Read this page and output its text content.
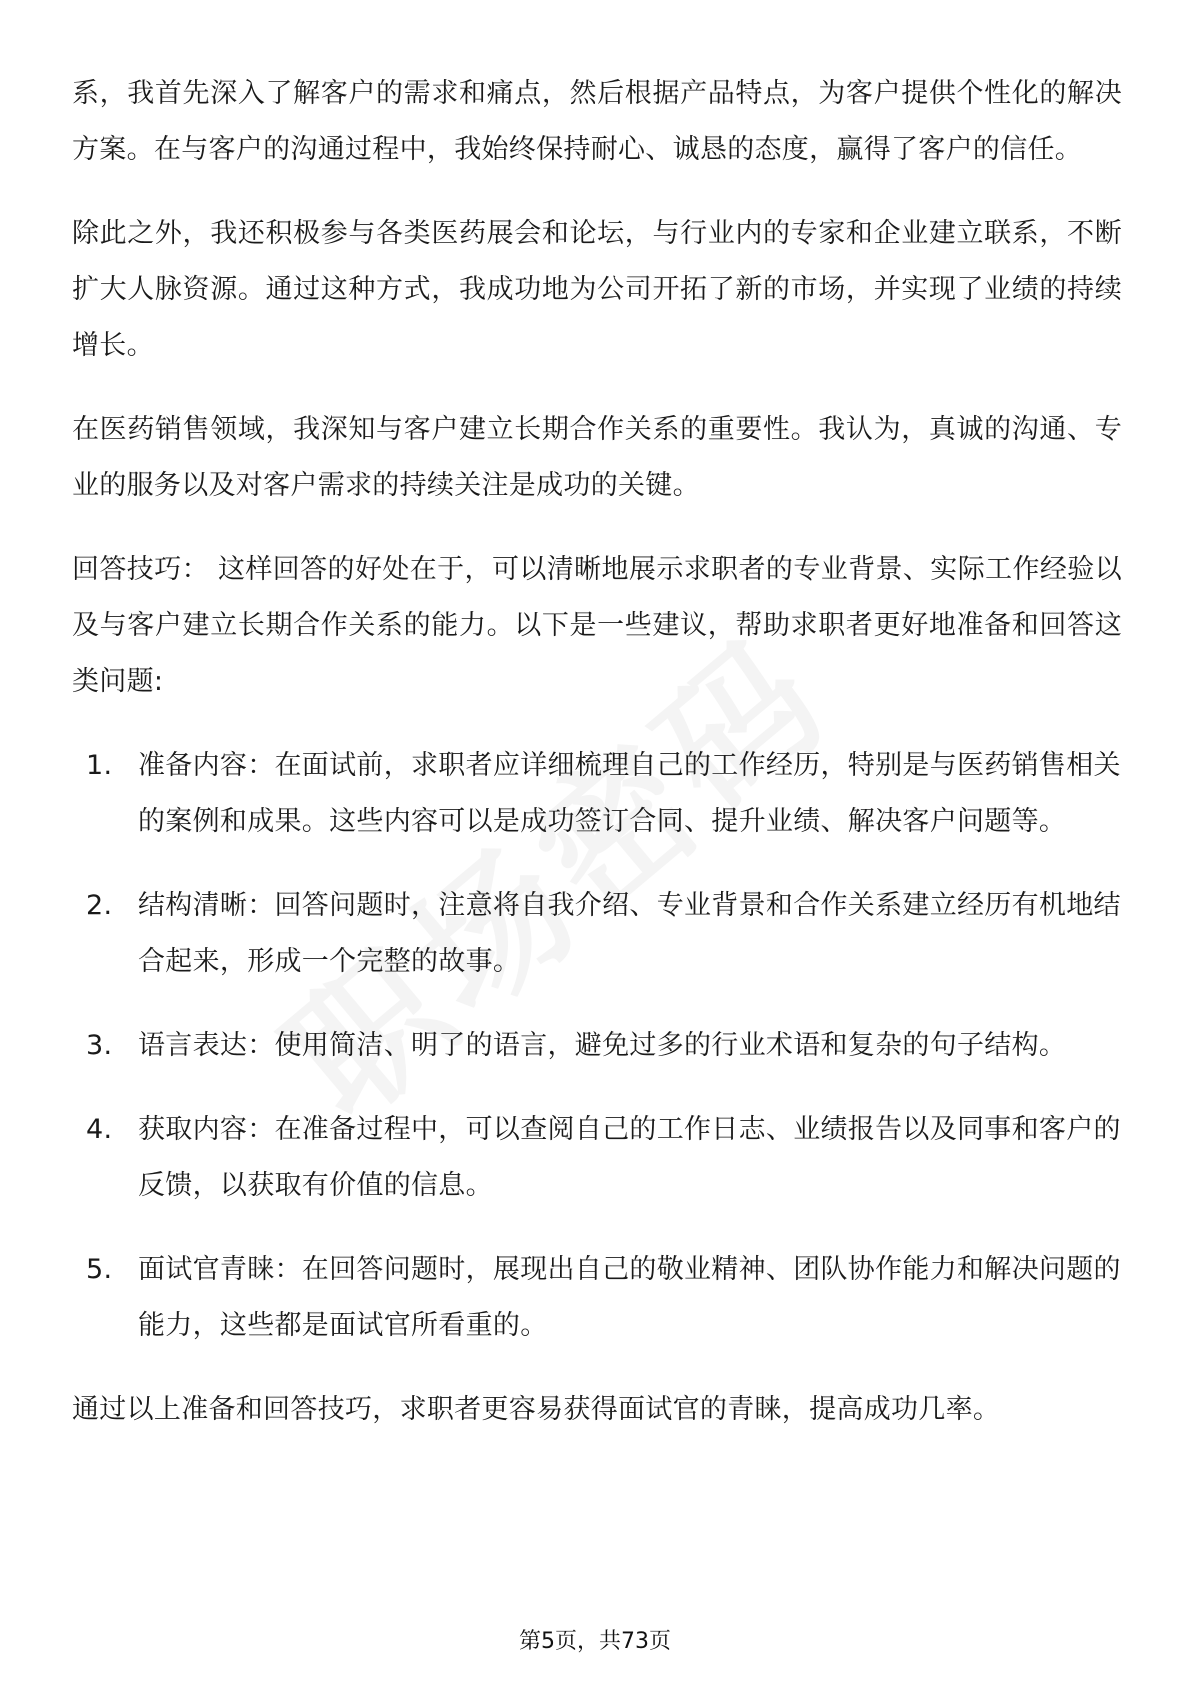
系，我首先深入了解客户的需求和痛点，然后根据产品特点，为客户提供个性化的解决方案。在与客户的沟通过程中，我始终保持耐心、诚恳的态度，赢得了客户的信任。

除此之外，我还积极参与各类医药展会和论坛，与行业内的专家和企业建立联系，不断扩大人脉资源。通过这种方式，我成功地为公司开拓了新的市场，并实现了业绩的持续增长。

在医药销售领域，我深知与客户建立长期合作关系的重要性。我认为，真诚的沟通、专业的服务以及对客户需求的持续关注是成功的关键。

回答技巧： 这样回答的好处在于，可以清晰地展示求职者的专业背景、实际工作经验以及与客户建立长期合作关系的能力。以下是一些建议，帮助求职者更好地准备和回答这类问题:

1. 准备内容：在面试前，求职者应详细梳理自己的工作经历，特别是与医药销售相关的案例和成果。这些内容可以是成功签订合同、提升业绩、解决客户问题等。
2. 结构清晰：回答问题时，注意将自我介绍、专业背景和合作关系建立经历有机地结合起来，形成一个完整的故事。
3. 语言表达：使用简洁、明了的语言，避免过多的行业术语和复杂的句子结构。
4. 获取内容：在准备过程中，可以查阅自己的工作日志、业绩报告以及同事和客户的反馈，以获取有价值的信息。
5. 面试官青睐：在回答问题时，展现出自己的敬业精神、团队协作能力和解决问题的能力，这些都是面试官所看重的。

通过以上准备和回答技巧，求职者更容易获得面试官的青睐，提高成功几率。

第5页，共73页
